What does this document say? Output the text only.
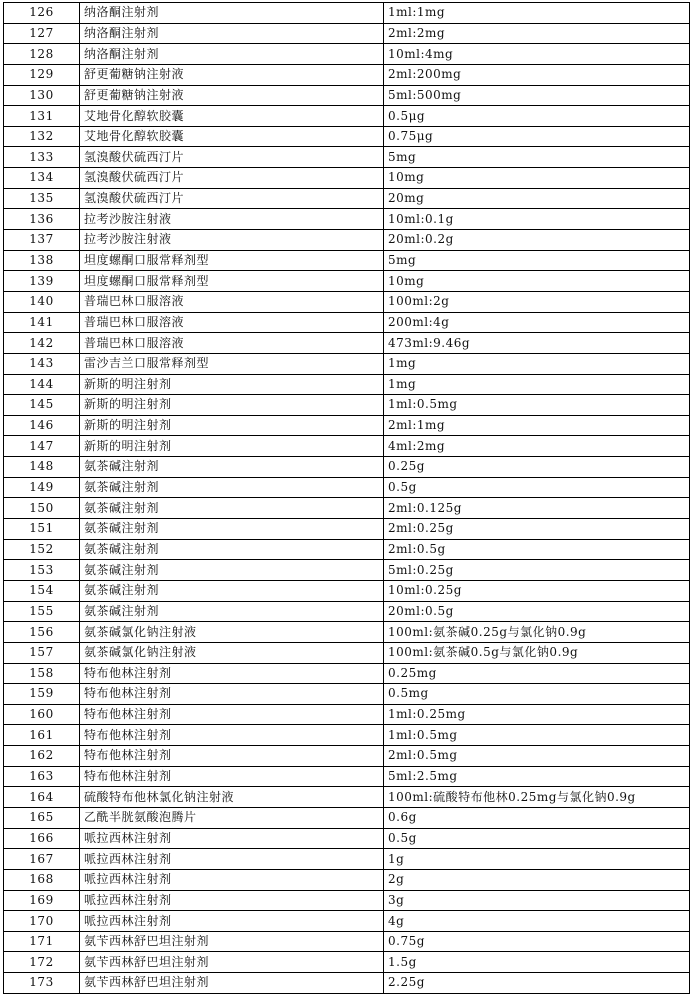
126	纳洛酮注射剂	1ml:1mg
127	纳洛酮注射剂	2ml:2mg
128	纳洛酮注射剂	10ml:4mg
129	舒更葡糖钠注射液	2ml:200mg
130	舒更葡糖钠注射液	5ml:500mg
131	艾地骨化醇软胶囊	0.5μg
132	艾地骨化醇软胶囊	0.75μg
133	氢溴酸伏硫西汀片	5mg
134	氢溴酸伏硫西汀片	10mg
135	氢溴酸伏硫西汀片	20mg
136	拉考沙胺注射液	10ml:0.1g
137	拉考沙胺注射液	20ml:0.2g
138	坦度螺酮口服常释剂型	5mg
139	坦度螺酮口服常释剂型	10mg
140	普瑞巴林口服溶液	100ml:2g
141	普瑞巴林口服溶液	200ml:4g
142	普瑞巴林口服溶液	473ml:9.46g
143	雷沙吉兰口服常释剂型	1mg
144	新斯的明注射剂	1mg
145	新斯的明注射剂	1ml:0.5mg
146	新斯的明注射剂	2ml:1mg
147	新斯的明注射剂	4ml:2mg
148	氨茶碱注射剂	0.25g
149	氨茶碱注射剂	0.5g
150	氨茶碱注射剂	2ml:0.125g
151	氨茶碱注射剂	2ml:0.25g
152	氨茶碱注射剂	2ml:0.5g
153	氨茶碱注射剂	5ml:0.25g
154	氨茶碱注射剂	10ml:0.25g
155	氨茶碱注射剂	20ml:0.5g
156	氨茶碱氯化钠注射液	100ml:氨茶碱0.25g与氯化钠0.9g
157	氨茶碱氯化钠注射液	100ml:氨茶碱0.5g与氯化钠0.9g
158	特布他林注射剂	0.25mg
159	特布他林注射剂	0.5mg
160	特布他林注射剂	1ml:0.25mg
161	特布他林注射剂	1ml:0.5mg
162	特布他林注射剂	2ml:0.5mg
163	特布他林注射剂	5ml:2.5mg
164	硫酸特布他林氯化钠注射液	100ml:硫酸特布他林0.25mg与氯化钠0.9g
165	乙酰半胱氨酸泡腾片	0.6g
166	哌拉西林注射剂	0.5g
167	哌拉西林注射剂	1g
168	哌拉西林注射剂	2g
169	哌拉西林注射剂	3g
170	哌拉西林注射剂	4g
171	氨苄西林舒巴坦注射剂	0.75g
172	氨苄西林舒巴坦注射剂	1.5g
173	氨苄西林舒巴坦注射剂	2.25g
